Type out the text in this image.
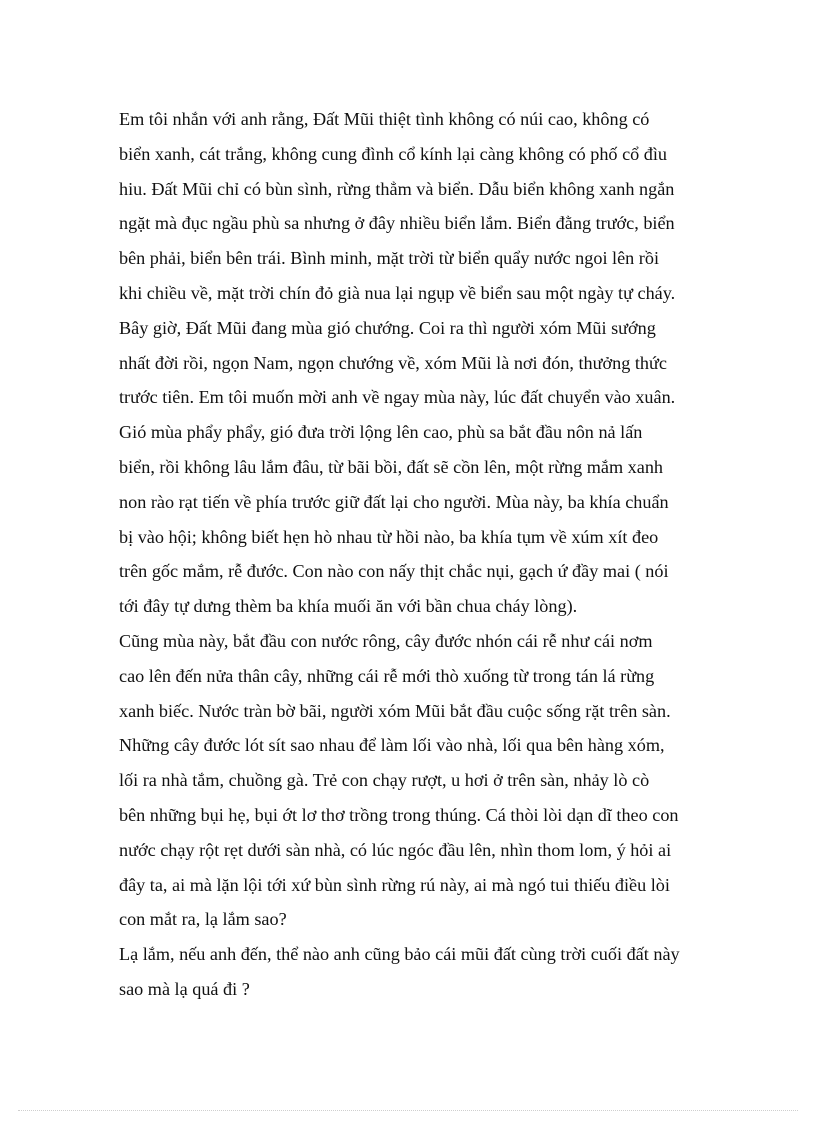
Em tôi nhắn với anh rằng, Đất Mũi thiệt tình không có núi cao, không có
biển xanh, cát trắng, không cung đình cổ kính lại càng không có phố cổ đìu
hiu. Đất Mũi chỉ có bùn sình, rừng thẳm và biển. Dẫu biển không xanh ngắn
ngặt mà đục ngầu phù sa nhưng ở đây nhiều biển lắm. Biển đằng trước, biển
bên phải, biển bên trái. Bình minh, mặt trời từ biển quẩy nước ngoi lên rồi
khi chiều về, mặt trời chín đỏ già nua lại ngụp về biển sau một ngày tự cháy.
Bây giờ, Đất Mũi đang mùa gió chướng. Coi ra thì người xóm Mũi sướng
nhất đời rồi, ngọn Nam, ngọn chướng về, xóm Mũi là nơi đón, thưởng thức
trước tiên. Em tôi muốn mời anh về ngay mùa này, lúc đất chuyển vào xuân.
Gió mùa phẩy phẩy, gió đưa trời lộng lên cao, phù sa bắt đầu nôn nả lấn
biển, rồi không lâu lắm đâu, từ bãi bồi, đất sẽ cồn lên, một rừng mắm xanh
non rào rạt tiến về phía trước giữ đất lại cho người. Mùa này, ba khía chuẩn
bị vào hội; không biết hẹn hò nhau từ hồi nào, ba khía tụm về xúm xít đeo
trên gốc mắm, rễ đước. Con nào con nấy thịt chắc nụi, gạch ứ đầy mai ( nói
tới đây tự dưng thèm ba khía muối ăn với bần chua cháy lòng).
Cũng mùa này, bắt đầu con nước rông, cây đước nhón cái rễ như cái nơm
cao lên đến nửa thân cây, những cái rễ mới thò xuống từ trong tán lá rừng
xanh biếc. Nước tràn bờ bãi, người xóm Mũi bắt đầu cuộc sống rặt trên sàn.
Những cây đước lót sít sao nhau để làm lối vào nhà, lối qua bên hàng xóm,
lối ra nhà tắm, chuồng gà. Trẻ con chạy rượt, u hơi ở trên sàn, nhảy lò cò
bên những bụi hẹ, bụi ớt lơ thơ trồng trong thúng. Cá thòi lòi dạn dĩ theo con
nước chạy rột rẹt dưới sàn nhà, có lúc ngóc đầu lên, nhìn thom lom, ý hỏi ai
đây ta, ai mà lặn lội tới xứ bùn sình rừng rú này, ai mà ngó tui thiếu điều lòi
con mắt ra, lạ lắm sao?
Lạ lắm, nếu anh đến, thể nào anh cũng bảo cái mũi đất cùng trời cuối đất này
sao mà lạ quá đi ?
